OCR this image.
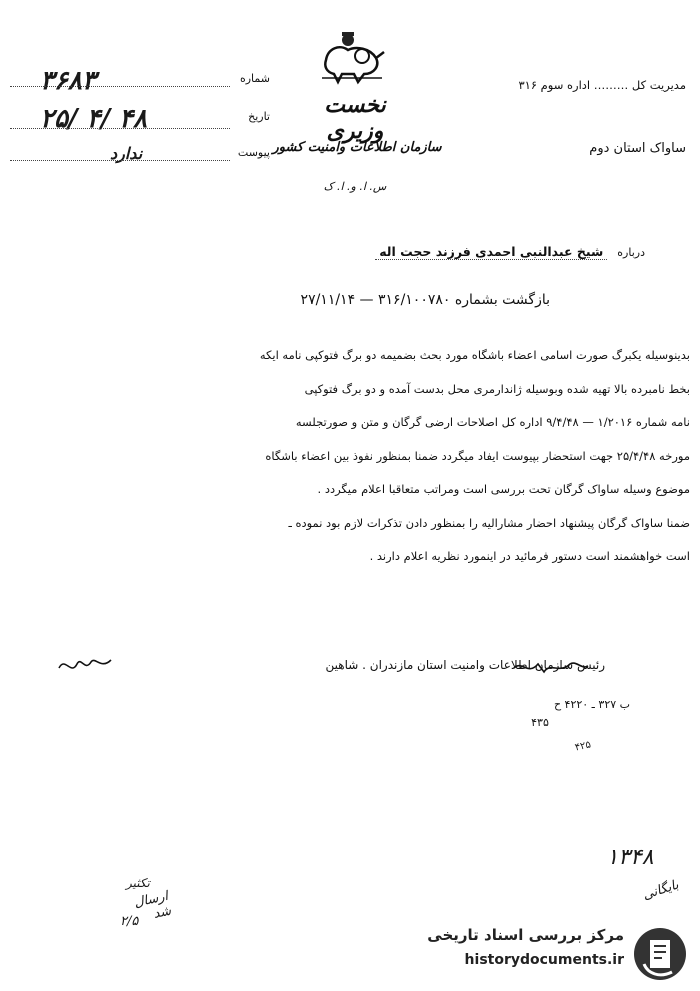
مدیریت کل ……… اداره سوم ۳۱۶
ساواک استان دوم
نخست وزیری
سازمان اطلاعات وامنیت کشور
س. ا. و. ا. ک
۳۶۸۳	شماره
۲۵/ ۴/ ۴۸	تاریخ
ندارد	پیوست
درباره شیخ عبدالنبی احمدی فرزند حجت اله
بازگشت بشماره ۳۱۶/۱۰۰۷۸۰ — ۲۷/۱۱/۱۴
بدینوسیله یکبرگ صورت اسامی اعضاء باشگاه مورد بحث بضمیمه دو برگ فتوکپی نامه ایکه
بخط نامبرده بالا تهیه شده وبوسیله ژاندارمری محل بدست آمده و دو برگ فتوکپی
نامه شماره ۱/۲۰۱۶ — ۹/۴/۴۸ اداره کل اصلاحات ارضی گرگان و متن و صورتجلسه
مورخه ۲۵/۴/۴۸ جهت استحضار بپیوست ایفاد میگردد ضمنا بمنظور نفوذ بین اعضاء باشگاه
موضوع وسیله ساواک گرگان تحت بررسی است ومراتب متعاقبا اعلام میگردد .
ضمنا ساواک گرگان پیشنهاد احضار مشارالیه را بمنظور دادن تذکرات لازم بود نموده ـ
است خواهشمند است دستور فرمائید در اینمورد نظریه اعلام دارند .
رئیس سازمان اطلاعات وامنیت استان مازندران . شاهین
ب ۳۲۷ ـ ۴۲۲۰ ح
۴۳۵
۴۲۵
۱۳۴۸
بایگانی
تکثیر
ارسال شد
۲/۵
مرکز بررسی اسناد تاریخی
historydocuments.ir
